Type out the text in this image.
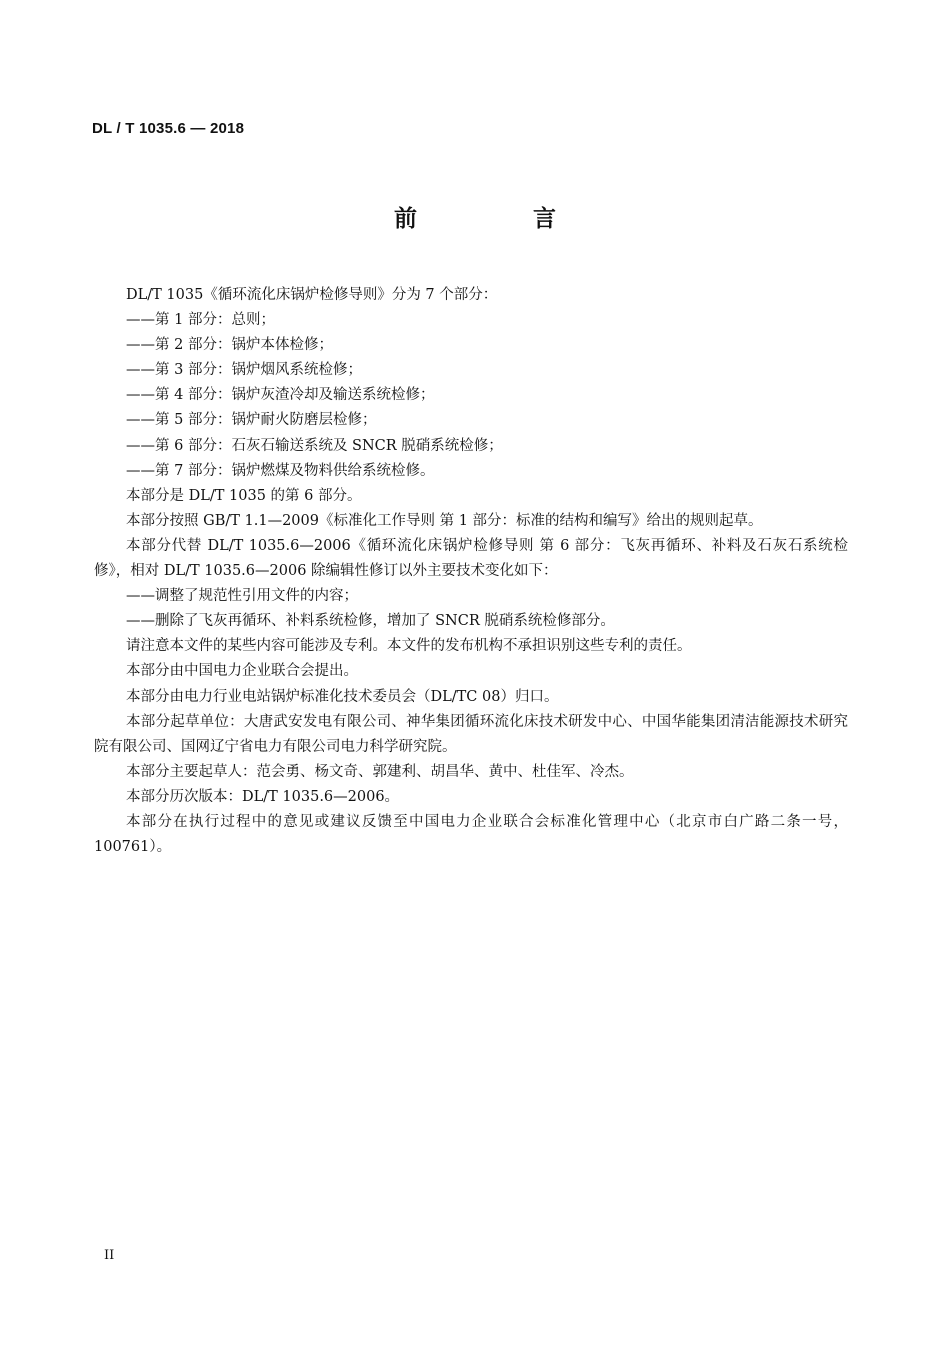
DL / T 1035.6 — 2018
前 言

DL/T 1035《循环流化床锅炉检修导则》分为 7 个部分：

——第 1 部分：总则；

——第 2 部分：锅炉本体检修；

——第 3 部分：锅炉烟风系统检修；

——第 4 部分：锅炉灰渣冷却及输送系统检修；

——第 5 部分：锅炉耐火防磨层检修；

——第 6 部分：石灰石输送系统及 SNCR 脱硝系统检修；

——第 7 部分：锅炉燃煤及物料供给系统检修。

本部分是 DL/T 1035 的第 6 部分。

本部分按照 GB/T 1.1—2009《标准化工作导则 第 1 部分：标准的结构和编写》给出的规则起草。

本部分代替 DL/T 1035.6—2006《循环流化床锅炉检修导则 第 6 部分：飞灰再循环、补料及石灰石系统检修》，相对 DL/T 1035.6—2006 除编辑性修订以外主要技术变化如下：

——调整了规范性引用文件的内容；

——删除了飞灰再循环、补料系统检修，增加了 SNCR 脱硝系统检修部分。

请注意本文件的某些内容可能涉及专利。本文件的发布机构不承担识别这些专利的责任。

本部分由中国电力企业联合会提出。

本部分由电力行业电站锅炉标准化技术委员会（DL/TC 08）归口。

本部分起草单位：大唐武安发电有限公司、神华集团循环流化床技术研发中心、中国华能集团清洁能源技术研究院有限公司、国网辽宁省电力有限公司电力科学研究院。

本部分主要起草人：范会勇、杨文奇、郭建利、胡昌华、黄中、杜佳军、冷杰。

本部分历次版本：DL/T 1035.6—2006。

本部分在执行过程中的意见或建议反馈至中国电力企业联合会标准化管理中心（北京市白广路二条一号，100761）。

II
